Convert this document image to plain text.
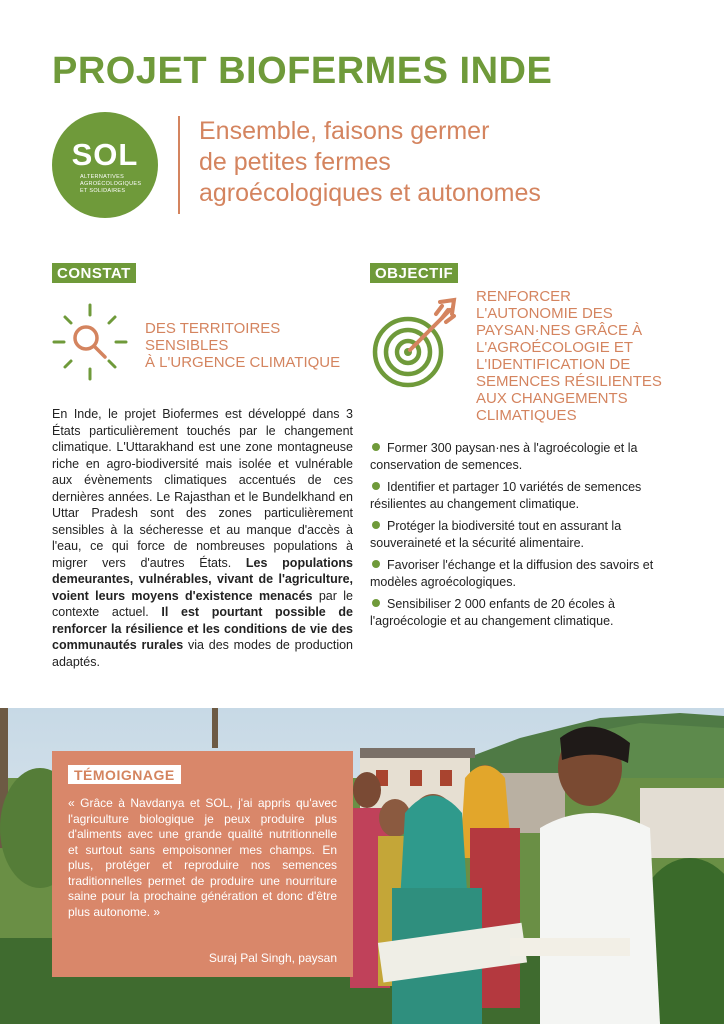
PROJET BIOFERMES INDE
SOL
ALTERNATIVES
AGROÉCOLOGIQUES
ET SOLIDAIRES
Ensemble, faisons germer
de petites fermes
agroécologiques et autonomes
CONSTAT
DES TERRITOIRES
SENSIBLES
À L'URGENCE CLIMATIQUE
En Inde, le projet Biofermes est développé dans 3 États particulièrement touchés par le changement climatique. L'Uttarakhand est une zone montagneuse riche en agro-biodiversité mais isolée et vulnérable aux évènements climatiques accentués de ces dernières années. Le Rajasthan et le Bundelkhand en Uttar Pradesh sont des zones particulièrement sensibles à la sécheresse et au manque d'accès à l'eau, ce qui force de nombreuses populations à migrer vers d'autres États. Les populations demeurantes, vulnérables, vivant de l'agriculture, voient leurs moyens d'existence menacés par le contexte actuel. Il est pourtant possible de renforcer la résilience et les conditions de vie des communautés rurales via des modes de production adaptés.
OBJECTIF
RENFORCER
L'AUTONOMIE DES
PAYSAN·NES GRÂCE À
L'AGROÉCOLOGIE ET
L'IDENTIFICATION DE
SEMENCES RÉSILIENTES
AUX CHANGEMENTS
CLIMATIQUES
Former 300 paysan·nes à l'agroécologie et la conservation de semences.
Identifier et partager 10 variétés de semences résilientes au changement climatique.
Protéger la biodiversité tout en assurant la souveraineté et la sécurité alimentaire.
Favoriser l'échange et la diffusion des savoirs et modèles agroécologiques.
Sensibiliser 2 000 enfants de 20 écoles à l'agroécologie et au changement climatique.
TÉMOIGNAGE
« Grâce à Navdanya et SOL, j'ai appris qu'avec l'agriculture biologique je peux produire plus d'aliments avec une grande qualité nutritionnelle et surtout sans empoisonner mes champs. En plus, protéger et reproduire nos semences traditionnelles permet de produire une nourriture saine pour la prochaine génération et donc d'être plus autonome. »
Suraj Pal Singh, paysan
